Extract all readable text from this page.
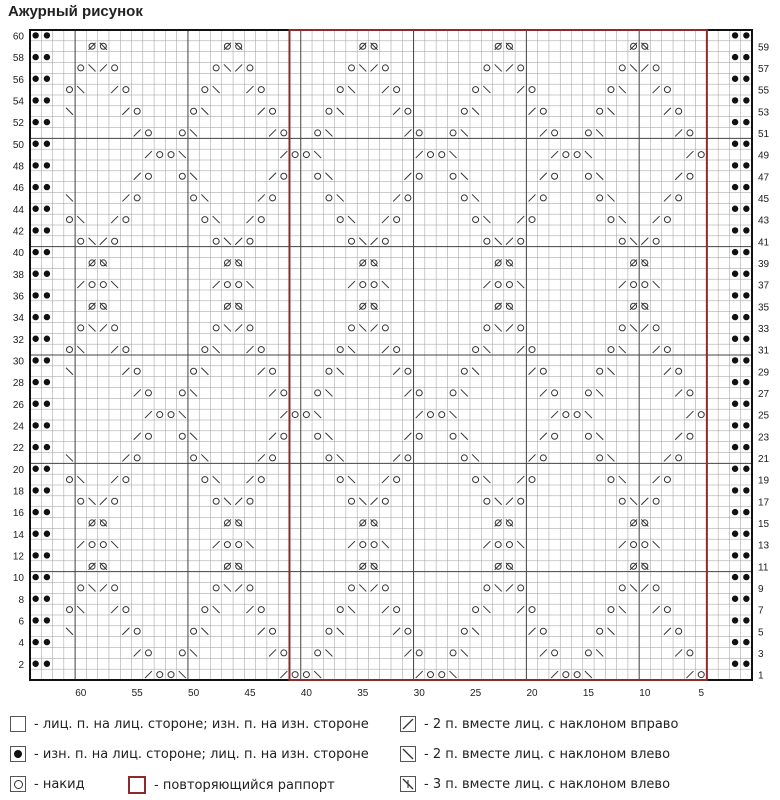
Ажурный рисунок
2
4
6
8
10
12
14
16
18
20
22
24
26
28
30
32
34
36
38
40
42
44
46
48
50
52
54
56
58
60
1
3
5
7
9
11
13
15
17
19
21
23
25
27
29
31
33
35
37
39
41
43
45
47
49
51
53
55
57
59
5
10
15
20
25
30
35
40
45
50
55
60
- лиц. п. на лиц. стороне; изн. п. на изн. стороне
- изн. п. на лиц. стороне; лиц. п. на изн. стороне
- накид	- повторяющийся раппорт
- 2 п. вместе лиц. с наклоном вправо
- 2 п. вместе лиц. с наклоном влево
- 3 п. вместе лиц. с наклоном влево
